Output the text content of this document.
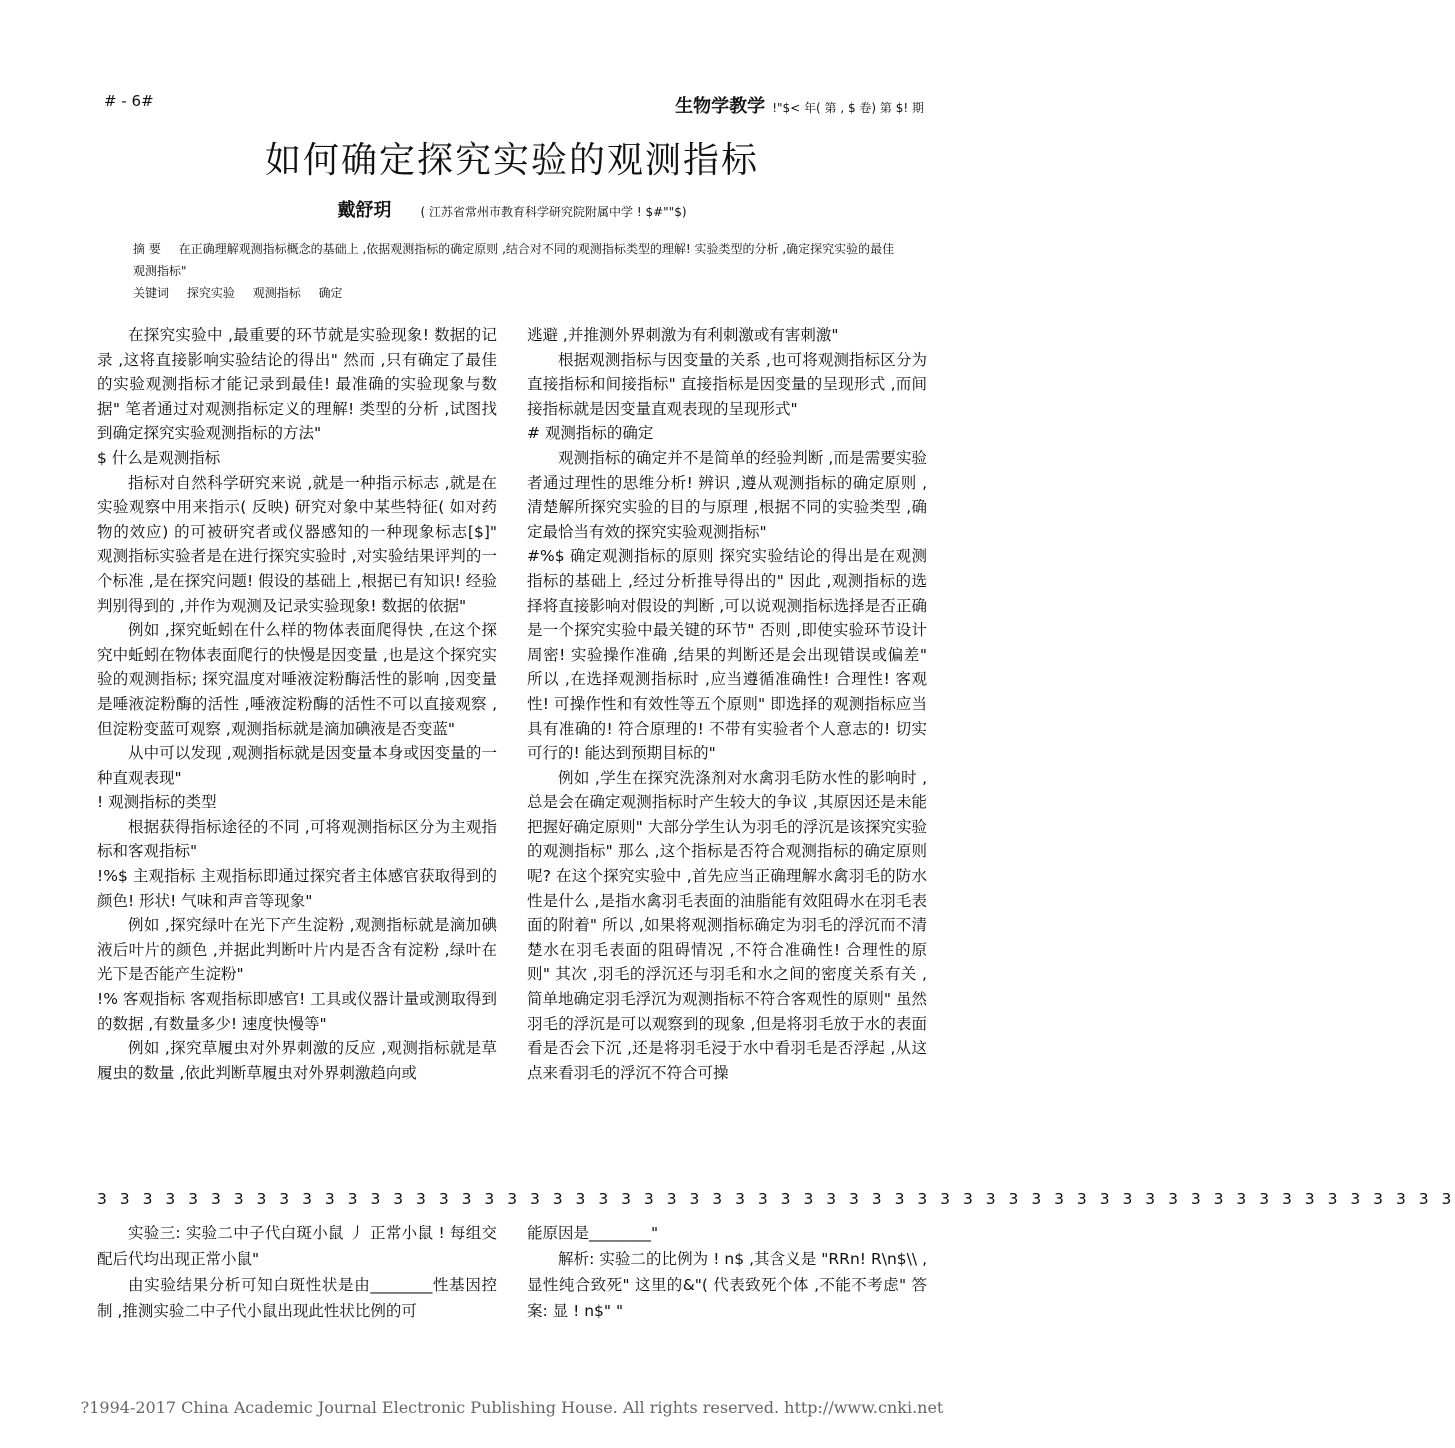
# - 6#	生物学教学 !"$< 年( 第 , $ 卷) 第 $! 期
如何确定探究实验的观测指标
戴舒玥 ( 江苏省常州市教育科学研究院附属中学 ! $#""$)
摘 要 在正确理解观测指标概念的基础上 ,依据观测指标的确定原则 ,结合对不同的观测指标类型的理解! 实验类型的分析 ,确定探究实验的最佳观测指标"
关键词 探究实验 观测指标 确定

在探究实验中 ,最重要的环节就是实验现象! 数据的记录 ,这将直接影响实验结论的得出" 然而 ,只有确定了最佳的实验观测指标才能记录到最佳! 最准确的实验现象与数据" 笔者通过对观测指标定义的理解! 类型的分析 ,试图找到确定探究实验观测指标的方法"

$ 什么是观测指标

指标对自然科学研究来说 ,就是一种指示标志 ,就是在实验观察中用来指示( 反映) 研究对象中某些特征( 如对药物的效应) 的可被研究者或仪器感知的一种现象标志[$]" 观测指标实验者是在进行探究实验时 ,对实验结果评判的一个标准 ,是在探究问题! 假设的基础上 ,根据已有知识! 经验判别得到的 ,并作为观测及记录实验现象! 数据的依据"

例如 ,探究蚯蚓在什么样的物体表面爬得快 ,在这个探究中蚯蚓在物体表面爬行的快慢是因变量 ,也是这个探究实验的观测指标; 探究温度对唾液淀粉酶活性的影响 ,因变量是唾液淀粉酶的活性 ,唾液淀粉酶的活性不可以直接观察 ,但淀粉变蓝可观察 ,观测指标就是滴加碘液是否变蓝"

从中可以发现 ,观测指标就是因变量本身或因变量的一种直观表现"

! 观测指标的类型

根据获得指标途径的不同 ,可将观测指标区分为主观指标和客观指标"

!%$ 主观指标 主观指标即通过探究者主体感官获取得到的颜色! 形状! 气味和声音等现象"

例如 ,探究绿叶在光下产生淀粉 ,观测指标就是滴加碘液后叶片的颜色 ,并据此判断叶片内是否含有淀粉 ,绿叶在光下是否能产生淀粉"

!% 客观指标 客观指标即感官! 工具或仪器计量或测取得到的数据 ,有数量多少! 速度快慢等"

例如 ,探究草履虫对外界刺激的反应 ,观测指标就是草履虫的数量 ,依此判断草履虫对外界刺激趋向或

逃避 ,并推测外界刺激为有利刺激或有害刺激"

根据观测指标与因变量的关系 ,也可将观测指标区分为直接指标和间接指标" 直接指标是因变量的呈现形式 ,而间接指标就是因变量直观表现的呈现形式"

# 观测指标的确定

观测指标的确定并不是简单的经验判断 ,而是需要实验者通过理性的思维分析! 辨识 ,遵从观测指标的确定原则 ,清楚解所探究实验的目的与原理 ,根据不同的实验类型 ,确定最恰当有效的探究实验观测指标"

#%$ 确定观测指标的原则 探究实验结论的得出是在观测指标的基础上 ,经过分析推导得出的" 因此 ,观测指标的选择将直接影响对假设的判断 ,可以说观测指标选择是否正确是一个探究实验中最关键的环节" 否则 ,即使实验环节设计周密! 实验操作准确 ,结果的判断还是会出现错误或偏差" 所以 ,在选择观测指标时 ,应当遵循准确性! 合理性! 客观性! 可操作性和有效性等五个原则" 即选择的观测指标应当具有准确的! 符合原理的! 不带有实验者个人意志的! 切实可行的! 能达到预期目标的"

例如 ,学生在探究洗涤剂对水禽羽毛防水性的影响时 ,总是会在确定观测指标时产生较大的争议 ,其原因还是未能把握好确定原则" 大部分学生认为羽毛的浮沉是该探究实验的观测指标" 那么 ,这个指标是否符合观测指标的确定原则呢? 在这个探究实验中 ,首先应当正确理解水禽羽毛的防水性是什么 ,是指水禽羽毛表面的油脂能有效阻碍水在羽毛表面的附着" 所以 ,如果将观测指标确定为羽毛的浮沉而不清楚水在羽毛表面的阻碍情况 ,不符合准确性! 合理性的原则" 其次 ,羽毛的浮沉还与羽毛和水之间的密度关系有关 ,简单地确定羽毛浮沉为观测指标不符合客观性的原则" 虽然羽毛的浮沉是可以观察到的现象 ,但是将羽毛放于水的表面看是否会下沉 ,还是将羽毛浸于水中看羽毛是否浮起 ,从这点来看羽毛的浮沉不符合可操

3 3 3 3 3 3 3 3 3 3 3 3 3 3 3 3 3 3 3 3 3 3 3 3 3 3 3 3 3 3 3 3 3 3 3 3 3 3 3 3 3 3 3 3 3 3 3 3 3 3 3 3 3 3 3 3 3 3 3 3

实验三: 实验二中子代白斑小鼠 丿 正常小鼠 ! 每组交配后代均出现正常小鼠"

由实验结果分析可知白斑性状是由________性基因控制 ,推测实验二中子代小鼠出现此性状比例的可

能原因是________"

解析: 实验二的比例为 ! n$ ,其含义是 "RRn! R\n$\\ ,显性纯合致死" 这里的&"( 代表致死个体 ,不能不考虑" 答案: 显 ! n$" "

?1994-2017 China Academic Journal Electronic Publishing House. All rights reserved. http://www.cnki.net
